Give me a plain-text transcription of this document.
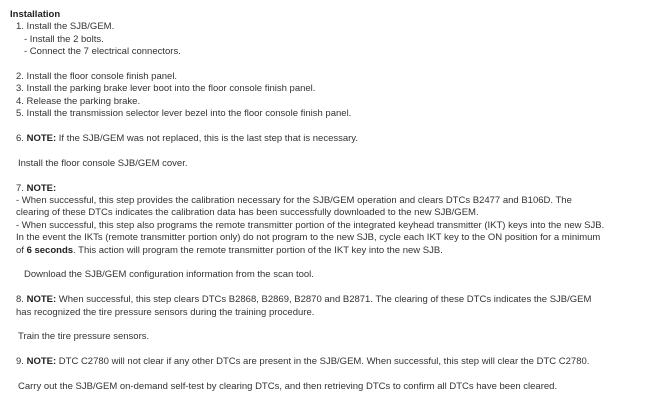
Installation
1. Install the SJB/GEM.
- Install the 2 bolts.
- Connect the 7 electrical connectors.
2. Install the floor console finish panel.
3. Install the parking brake lever boot into the floor console finish panel.
4. Release the parking brake.
5. Install the transmission selector lever bezel into the floor console finish panel.
6. NOTE: If the SJB/GEM was not replaced, this is the last step that is necessary.
Install the floor console SJB/GEM cover.
7. NOTE:
- When successful, this step provides the calibration necessary for the SJB/GEM operation and clears DTCs B2477 and B106D. The clearing of these DTCs indicates the calibration data has been successfully downloaded to the new SJB/GEM.
- When successful, this step also programs the remote transmitter portion of the integrated keyhead transmitter (IKT) keys into the new SJB. In the event the IKTs (remote transmitter portion only) do not program to the new SJB, cycle each IKT key to the ON position for a minimum of 6 seconds. This action will program the remote transmitter portion of the IKT key into the new SJB.
Download the SJB/GEM configuration information from the scan tool.
8. NOTE: When successful, this step clears DTCs B2868, B2869, B2870 and B2871. The clearing of these DTCs indicates the SJB/GEM has recognized the tire pressure sensors during the training procedure.
Train the tire pressure sensors.
9. NOTE: DTC C2780 will not clear if any other DTCs are present in the SJB/GEM. When successful, this step will clear the DTC C2780.
Carry out the SJB/GEM on-demand self-test by clearing DTCs, and then retrieving DTCs to confirm all DTCs have been cleared.
